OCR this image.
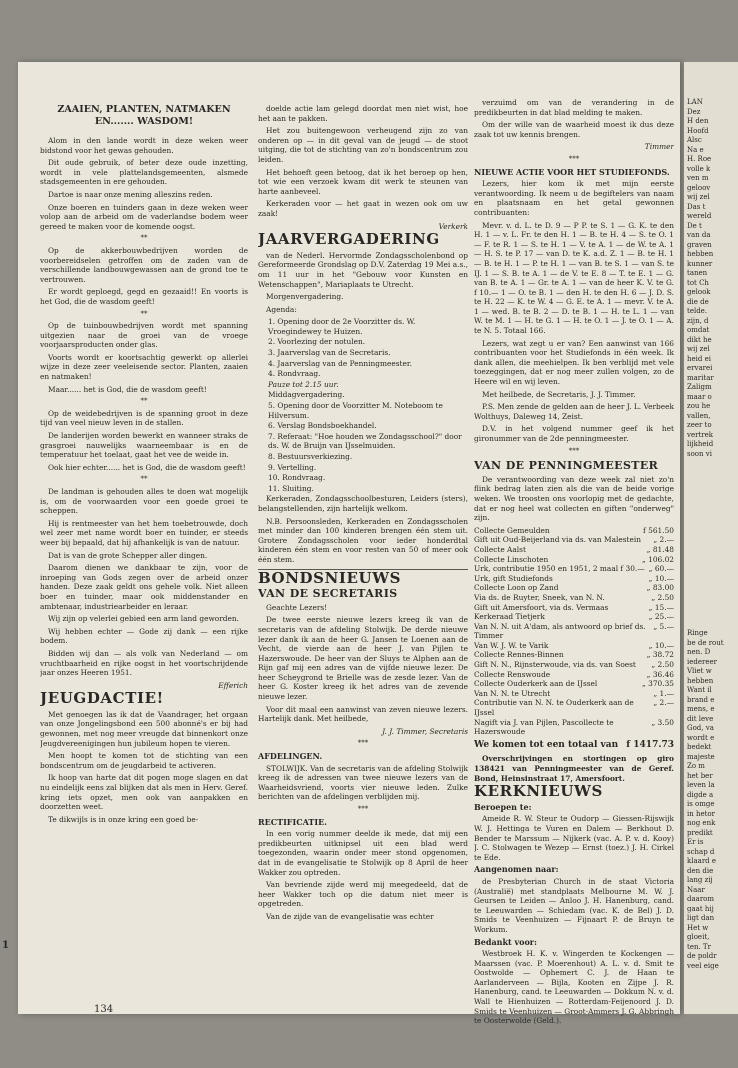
ZAAIEN, PLANTEN, NATMAKEN EN....... WASDOM!

Alom in den lande wordt in deze weken weer bidstond voor het gewas gehouden.

Dit oude gebruik, of beter deze oude inzetting, wordt in vele plattelandsgemeenten, alsmede stadsgemeenten in ere gehouden.

Dartoe is naar onze mening alleszins reden.

Onze boeren en tuinders gaan in deze weken weer volop aan de arbeid om de vaderlandse bodem weer gereed te maken voor de komende oogst.

**

Op de akkerbouwbedrijven worden de voorbereidselen getroffen om de zaden van de verschillende landbouwgewassen aan de grond toe te vertrouwen.

Er wordt geploegd, gegd en gezaaid!! En voorts is het God, die de wasdom geeft!

**

Op de tuinbouwbedrijven wordt met spanning uitgezien naar de groei van de vroege voorjaarsproducten onder glas.

Voorts wordt er koortsachtig gewerkt op allerlei wijze in deze zeer veeleisende sector. Planten, zaaien en natmaken!

Maar...... het is God, die de wasdom geeft!

**

Op de weidebedrijven is de spanning groot in deze tijd van veel nieuw leven in de stallen.

De landerijen worden bewerkt en wanneer straks de grasgroei nauwelijks waarneembaar is en de temperatuur het toelaat, gaat het vee de weide in.

Ook hier echter...... het is God, die de wasdom geeft!

**

De landman is gehouden alles te doen wat mogelijk is, om de voorwaarden voor een goede groei te scheppen.

Hij is rentmeester van het hem toebetrouwde, doch wel zeer met name wordt boer en tuinder, er steeds weer bij bepaald, dat hij afhankelijk is van de natuur.

Dat is van de grote Schepper aller dingen.

Daarom dienen we dankbaar te zijn, voor de inroeping van Gods zegen over de arbeid onzer handen. Deze zaak geldt ons gehele volk. Niet alleen boer en tuinder, maar ook middenstander en ambtenaar, industriearbeider en leraar.

Wij zijn op velerlei gebied een arm land geworden.

Wij hebben echter — Gode zij dank — een rijke bodem.

Bidden wij dan — als volk van Nederland — om vruchtbaarheid en rijke oogst in het voortschrijdende jaar onzes Heeren 1951.

Efferich
JEUGDACTIE!

Met genoegen las ik dat de Vaandrager, het orgaan van onze Jongelingsbond een 500 abonné's er bij had gewonnen, met nog meer vreugde dat binnenkort onze Jeugdvereenigingen hun jubileum hopen te vieren.

Men hoopt te komen tot de stichting van een bondscentrum om de jeugdarbeid te activeren.

Ik hoop van harte dat dit pogen moge slagen en dat nu eindelijk eens zal blijken dat als men in Herv. Geref. kring iets opzet, men ook van aanpakken en doorzetten weet.

Te dikwijls is in onze kring een goed be-

doelde actie lam gelegd doordat men niet wist, hoe het aan te pakken.

Het zou buitengewoon verheugend zijn zo van onderen op — in dit geval van de jeugd — de stoot uitging, die tot de stichting van zo'n bondscentrum zou leiden.

Het behoeft geen betoog, dat ik het beroep op hen, tot wie een verzoek kwam dit werk te steunen van harte aanbeveel.

Kerkeraden voor — het gaat in wezen ook om uw zaak!

Verkerk
JAARVERGADERING

van de Nederl. Hervormde Zondagsscholenbond op Gereformeerde Grondslag op D.V. Zaterdag 19 Mei a.s., om 11 uur in het "Gebouw voor Kunsten en Wetenschappen", Mariaplaats te Utrecht.

Morgenvergadering.

Agenda:

1. Opening door de 2e Voorzitter ds. W. Vroegindewey te Huizen.
2. Voorlezing der notulen.
3. Jaarverslag van de Secretaris.
4. Jaarverslag van de Penningmeester.
4. Rondvraag.
Pauze tot 2.15 uur.
Middagvergadering.
5. Opening door de Voorzitter M. Noteboom te Hilversum.
6. Verslag Bondsboekhandel.
7. Referaat: "Hoe houden we Zondagsschool?" door ds. W. de Bruijn van IJsselmuiden.
8. Bestuursverkiezing.
9. Vertelling.
10. Rondvraag.
11. Sluiting.

Kerkeraden, Zondagsschoolbesturen, Leiders (sters), belangstellenden, zijn hartelijk welkom.

N.B. Persoonsleden, Kerkeraden en Zondagsscholen met minder dan 100 kinderen brengen één stem uit. Grotere Zondagsscholen voor ieder honderdtal kinderen één stem en voor resten van 50 of meer ook één stem.

BONDSNIEUWS
VAN DE SECRETARIS

Geachte Lezers!

De twee eerste nieuwe lezers kreeg ik van de secretaris van de afdeling Stolwijk. De derde nieuwe lezer dank ik aan de heer G. Jansen te Loenen aan de Vecht, de vierde aan de heer J. van Pijlen te Hazerswoude. De heer van der Sluys te Alphen aan de Rijn gaf mij een adres van de vijfde nieuwe lezer. De heer Scheygrond te Brielle was de zesde lezer. Van de heer G. Koster kreeg ik het adres van de zevende nieuwe lezer.

Voor dit maal een aanwinst van zeven nieuwe lezers. Hartelijk dank. Met heilbede,

J. J. Timmer, Secretaris
***
AFDELINGEN.

STOLWIJK. Van de secretaris van de afdeling Stolwijk kreeg ik de adressen van twee nieuwe lezers van de Waarheidsvriend, voorts vier nieuwe leden. Zulke berichten van de afdelingen verblijden mij.

***
RECTIFICATIE.

In een vorig nummer deelde ik mede, dat mij een predikbeurten uitknipsel uit een blad werd toegezonden, waarin onder meer stond opgenomen, dat in de evangelisatie te Stolwijk op 8 April de heer Wakker zou optreden.

Van bevriende zijde werd mij meegedeeld, dat de heer Wakker toch op die datum niet meer is opgetreden.

Van de zijde van de evangelisatie was echter

verzuimd om van de verandering in de predikbeurten in dat blad melding te maken.

Om der wille van de waarheid moest ik dus deze zaak tot uw kennis brengen.

Timmer
***
NIEUWE ACTIE VOOR HET STUDIEFONDS.

Lezers, hier kom ik met mijn eerste verantwoording. Ik neem u de begiftelers van naam en plaatsnaam en het getal gewonnen contribuanten:

Mevr. v. d. L. te D. 9 — P P. te S. 1 — G. K. te den H. 1 — v. L. Fr. te den H. 1 — B. te H. 4 — S. te O. 1 — F. te R. 1 — S. te H. 1 — V. te A. 1 — de W. te A. 1 — H. S. te P. 17 — van D. te K. a.d. Z. 1 — B. te H. 1 — B. te H. 1 — P. te H. 1 — van B. te S. 1 — van S. te IJ. 1 — S. B. te A. 1 — de V. te E. 8 — T. te E. 1 — G. van B. te A. 1 — Gr. te A. 1 — van de heer K. V. te G. f 10.— 1 — O. te B. 1 — den H. te den H. 6 — J. D. S. te H. 22 — K. te W. 4 — G. E. te A. 1 — mevr. V. te A. 1 — wed. B. te B. 2 — D. te B. 1 — H. te L. 1 — van W. te M. 1 — H. te G. 1 — H. te O. 1 — J. te O. 1 — A. te N. 5. Totaal 166.

Lezers, wat zegt u er van? Een aanwinst van 166 contribuanten voor het Studiefonds in één week. Ik dank allen, die meehielpen. Ik ben verblijd met vele toezeggingen, dat er nog meer zullen volgen, zo de Heere wil en wij leven.

Met heilbede, de Secretaris, J. J. Timmer.

P.S. Men zende de gelden aan de heer J. L. Verbeek Wolthuys, Daleweg 14, Zeist.

D.V. in het volgend nummer geef ik het gironummer van de 2de penningmeester.

***
VAN DE PENNINGMEESTER

De verantwoording van deze week zal niet zo'n flink bedrag laten zien als die van de beide vorige weken. We troosten ons voorlopig met de gedachte, dat er nog heel wat collecten en giften "onderweg" zijn.

Collecte Gemeulden	f 561.50
Gift uit Oud-Beijerland via ds. van Malestein	„ 2.—
Collecte Aalst	„ 81.48
Collecte Linschoten	„ 106.02
Urk, contributie 1950 en 1951, 2 maal f 30.— „ 60.—
Urk, gift Studiefonds	„ 10.—
Collecte Loon op Zand	„ 83.00
Via ds. de Ruyter, Sneek, van N. N.	„ 2.50
Gift uit Amersfoort, via ds. Vermaas	„ 15.—
Kerkeraad Tietjerk	„ 25.—
Van N. N. uit A'dam, als antwoord op brief ds. Timmer
„ 5.—
Van W. J. W. te Varik	„ 10.—
Collecte Rennes-Binnen	„ 38.72
Gift N. N., Rijnsterwoude, via ds. van Soest	„ 2.50
Collecte Renswoude	„ 36.46
Collecte Ouderkerk aan de IJssel	„ 370.35
Van N. N. te Utrecht	„ 1.—
Contributie van N. N. te Ouderkerk aan de IJssel
„ 2.—
Nagift via J. van Pijlen, Pascollecte te Hazerswoude
„ 3.50
We komen tot een totaal van f 1417.73

Overschrijvingen en stortingen op giro 138421 van Penningmeester van de Geref. Bond, Heinsinstraat 17, Amersfoort.

KERKNIEUWS
Beroepen te:

Ameide R. W. Steur te Oudorp — Giessen-Rijswijk W. J. Hettinga te Vuren en Dalem — Berkhout D. Bender te Marssum — Nijkerk (vac. A. P. v. d. Kooy) J. C. Stolwagen te Wezep — Ernst (toez.) J. H. Cirkel te Ede.

Aangenomen naar:

de Presbyterian Church in de staat Victoria (Australië) met standplaats Melbourne M. W. J. Geursen te Leiden — Anloo J. H. Hanenburg, cand. te Leeuwarden — Schiedam (vac. K. de Bel) J. D. Smids te Veenhuizen — Fijnaart P. de Bruyn te Workum.

Bedankt voor:

Westbroek H. K. v. Wingerden te Kockengen — Maarssen (vac. P. Moerenhout) A. L. v. d. Smit te Oostwolde — Ophemert C. J. de Haan te Aarlanderveen — Bijla, Kooten en Zijpe J. R. Hanenburg, cand. te Leeuwarden — Dokkum N. v. d. Wall te Hienhuizen — Rotterdam-Feijenoord J. D. Smids te Veenhuizen — Groot-Ammers J. G. Abbringh te Oosterwolde (Geld.).

134
1
LAN
Dez
H den
Hoofd
Alsc
Na e
H. Roe
volle k
ven m
geloov
wij zel
Das t
wereld
De t
van da
graven
hebben
kunner
tanen
tot Ch
gelook
die de
telde.
zijn, d
omdat
dikt he
wij zel
heid ei
ervarei
maritar
Zaligm
maar o
zou he
vallen,
zeer to
vertrek
lijkheid
soon vi
Ringe
be de rout
nen. D
iedereer
Vliet w
hebben
Want il
brand e
mens, e
dit leve
God, va
wordt e
bedekt
majeste
Zo m
het ber
leven la
digde a
is omge
in hetor
nog enk
predikt
Er is
schap d
klaard e
den die
lang zij
Naar
daarom
gaat hij
ligt dan
Het w
gloeit,
ten. Tr
de poldr
veel eige
